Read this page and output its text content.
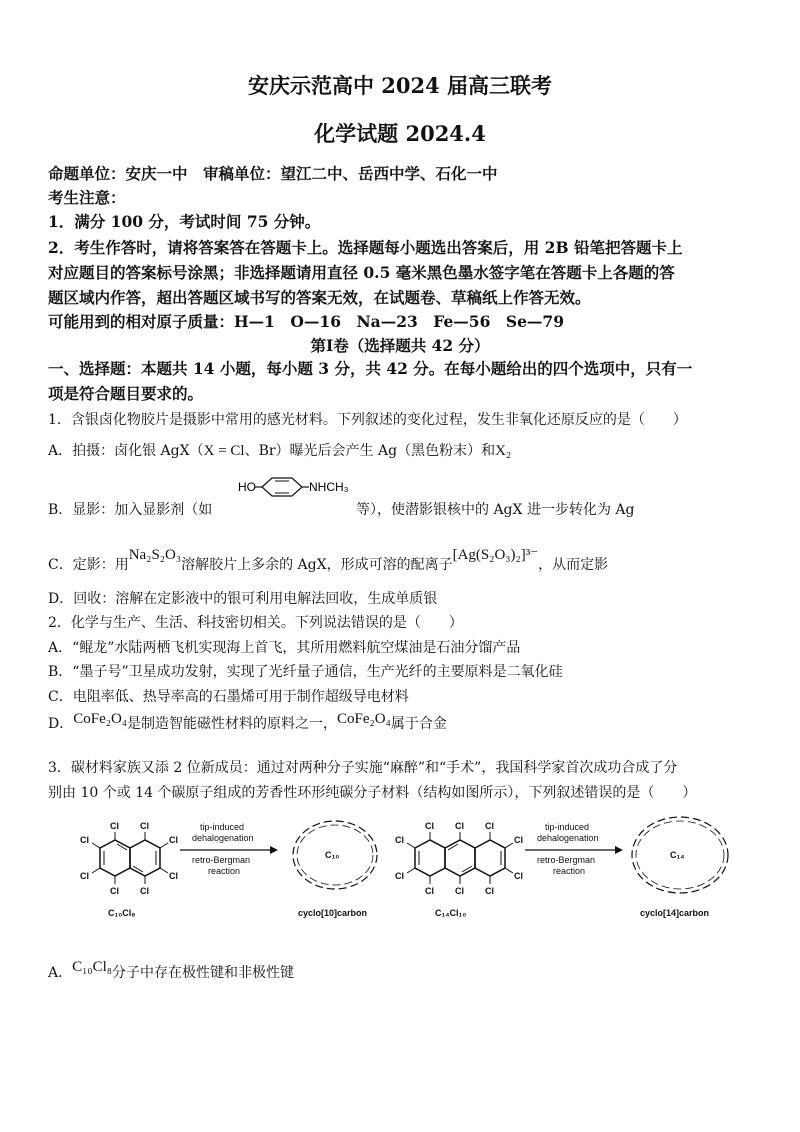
安庆示范高中 2024 届高三联考
化学试题 2024.4
命题单位：安庆一中　审稿单位：望江二中、岳西中学、石化一中
考生注意：
1．满分 100 分，考试时间 75 分钟。
2．考生作答时，请将答案答在答题卡上。选择题每小题选出答案后，用 2B 铅笔把答题卡上
对应题目的答案标号涂黑；非选择题请用直径 0.5 毫米黑色墨水签字笔在答题卡上各题的答
题区域内作答，超出答题区域书写的答案无效，在试题卷、草稿纸上作答无效。
可能用到的相对原子质量：H—1　O—16　Na—23　Fe—56　Se—79
第Ⅰ卷（选择题共 42 分）
一、选择题：本题共 14 小题，每小题 3 分，共 42 分。在每小题给出的四个选项中，只有一
项是符合题目要求的。
1．含银卤化物胶片是摄影中常用的感光材料。下列叙述的变化过程，发生非氧化还原反应的是（　　）
A．拍摄：卤化银 AgX（X = Cl、Br）曝光后会产生 Ag（黑色粉末）和X₂
B．显影：加入显影剂（如
HO	NHCH₃
等），使潜影银核中的 AgX 进一步转化为 Ag
C．定影：用Na₂S₂O₃溶解胶片上多余的 AgX，形成可溶的配离子[Ag(S₂O₃)₂]³⁻，从而定影
D．回收：溶解在定影液中的银可利用电解法回收，生成单质银
2．化学与生产、生活、科技密切相关。下列说法错误的是（　　）
A．“鲲龙”水陆两栖飞机实现海上首飞，其所用燃料航空煤油是石油分馏产品
B．“墨子号”卫星成功发射，实现了光纤量子通信，生产光纤的主要原料是二氧化硅
C．电阻率低、热导率高的石墨烯可用于制作超级导电材料
D．CoFe₂O₄是制造智能磁性材料的原料之一，CoFe₂O₄属于合金
3．碳材料家族又添 2 位新成员：通过对两种分子实施“麻醉”和“手术”，我国科学家首次成功合成了分
别由 10 个或 14 个碳原子组成的芳香性环形纯碳分子材料（结构如图所示），下列叙述错误的是（　　）
Cl Cl
Cl
Cl
Cl
Cl
Cl Cl
C₁₀Cl₈
tip-induced
dehalogenation
retro-Bergman
reaction
C₁₀
cyclo[10]carbon
Cl Cl Cl
Cl
Cl
Cl
Cl
Cl Cl Cl
C₁₄Cl₁₀
tip-induced
dehalogenation
retro-Bergman
reaction
C₁₄
cyclo[14]carbon
A．C₁₀Cl₈分子中存在极性键和非极性键
